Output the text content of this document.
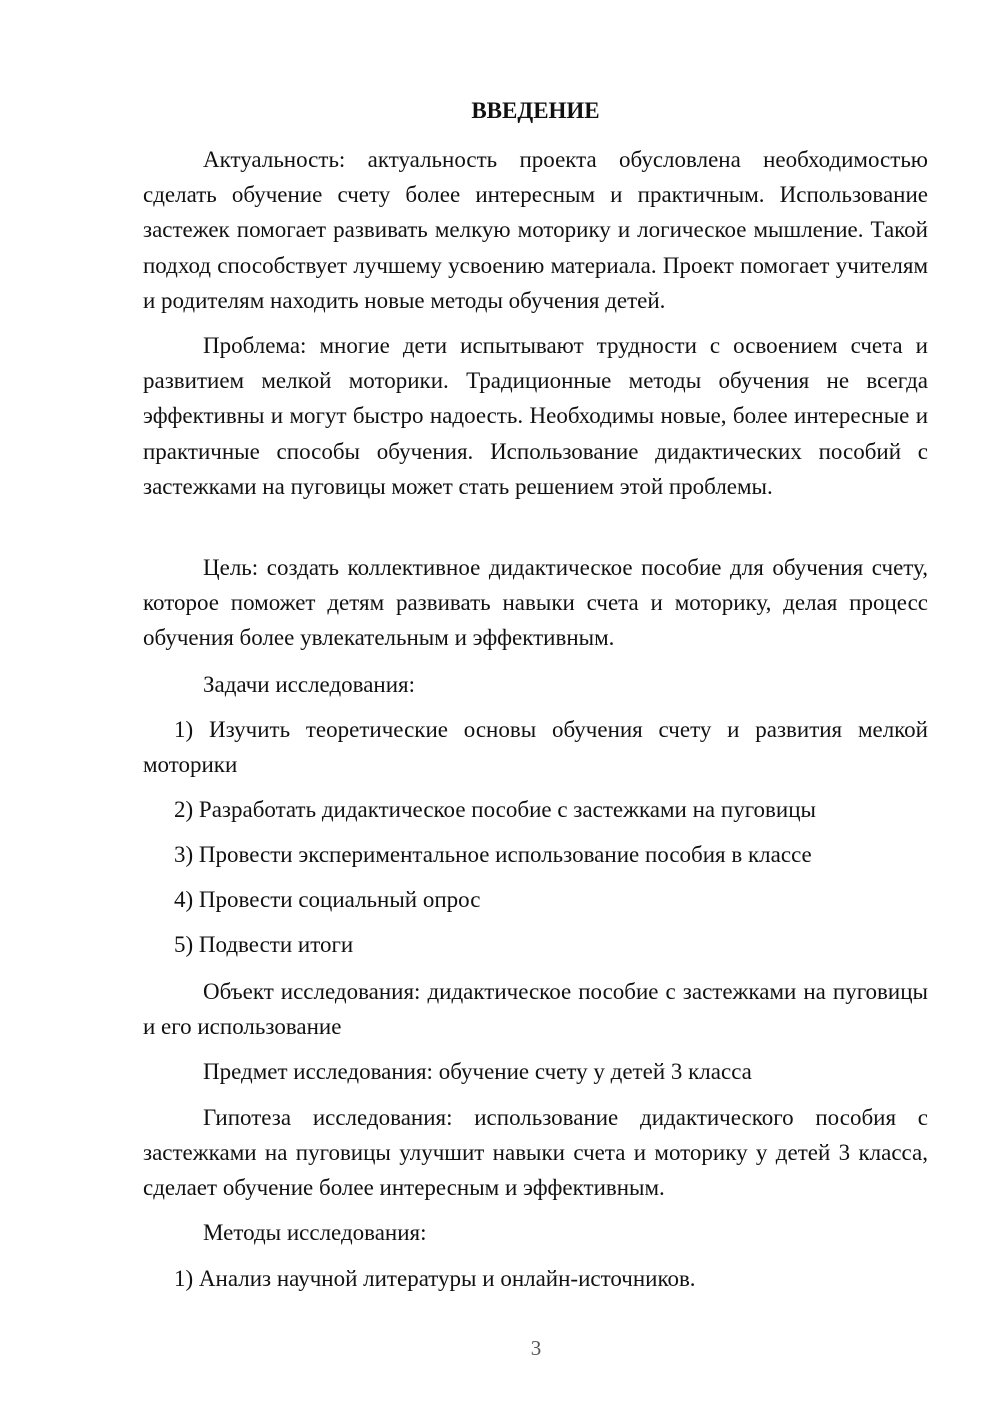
ВВЕДЕНИЕ

Актуальность: актуальность проекта обусловлена необходимостью сделать обучение счету более интересным и практичным. Использование застежек помогает развивать мелкую моторику и логическое мышление. Такой подход способствует лучшему усвоению материала. Проект помогает учителям и родителям находить новые методы обучения детей.

Проблема: многие дети испытывают трудности с освоением счета и развитием мелкой моторики. Традиционные методы обучения не всегда эффективны и могут быстро надоесть. Необходимы новые, более интересные и практичные способы обучения. Использование дидактических пособий с застежками на пуговицы может стать решением этой проблемы.

Цель: создать коллективное дидактическое пособие для обучения счету, которое поможет детям развивать навыки счета и моторику, делая процесс обучения более увлекательным и эффективным.

Задачи исследования:

1) Изучить теоретические основы обучения счету и развития мелкой моторики

2) Разработать дидактическое пособие с застежками на пуговицы

3) Провести экспериментальное использование пособия в классе

4) Провести социальный опрос

5) Подвести итоги

Объект исследования: дидактическое пособие с застежками на пуговицы и его использование

Предмет исследования: обучение счету у детей 3 класса

Гипотеза исследования: использование дидактического пособия с застежками на пуговицы улучшит навыки счета и моторику у детей 3 класса, сделает обучение более интересным и эффективным.

Методы исследования:

1) Анализ научной литературы и онлайн-источников.

3
